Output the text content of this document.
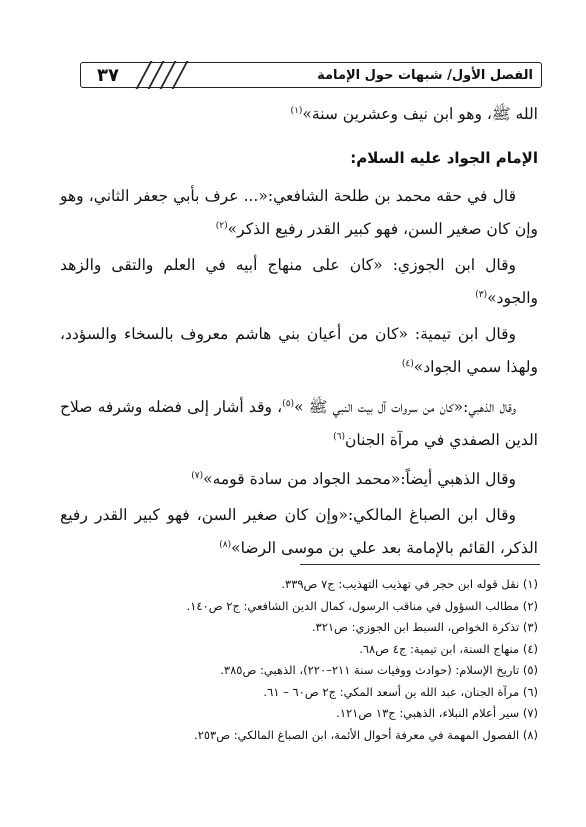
٣٧	الفصل الأول/ شبهات حول الإمامة

الله ﷺ، وهو ابن نيف وعشرين سنة»$^{(١)}$

الإمام الجواد عليه السلام:

قال في حقه محمد بن طلحة الشافعي:«... عرف بأبي جعفر الثاني، وهو وإن كان صغير السن، فهو كبير القدر رفيع الذكر»$^{(٢)}$

وقال ابن الجوزي: «كان على منهاج أبيه في العلم والتقى والزهد والجود»$^{(٣)}$

وقال ابن تيمية: «كان من أعيان بني هاشم معروف بالسخاء والسؤدد، ولهذا سمي الجواد»$^{(٤)}$

وقال الذهبي:«كان من سروات آل بيت النبي ﷺ »$^{(٥)}$، وقد أشار إلى فضله وشرفه صلاح الدين الصفدي في مرآة الجنان$^{(٦)}$

وقال الذهبي أيضاً:«محمد الجواد من سادة قومه»$^{(٧)}$

وقال ابن الصباغ المالكي:«وإن كان صغير السن، فهو كبير القدر رفيع الذكر، القائم بالإمامة بعد علي بن موسى الرضا»$^{(٨)}$

(١) نقل قوله ابن حجر في تهذيب التهذيب: ج٧ ص٣٣٩.
(٢) مطالب السؤول في مناقب الرسول، كمال الدين الشافعي: ج٢ ص١٤٠.
(٣) تذكرة الخواص، السبط ابن الجوزي: ص٣٢١.
(٤) منهاج السنة، ابن تيمية: ج٤ ص٦٨.
(٥) تاريخ الإسلام: (حوادث ووفيات سنة ٢١١–٢٢٠)، الذهبي: ص٣٨٥.
(٦) مرآة الجنان، عبد الله بن أسعد المكي: ج٢ ص٦٠ – ٦١.
(٧) سير أعلام النبلاء، الذهبي: ج١٣ ص١٢١.
(٨) الفصول المهمة في معرفة أحوال الأئمة، ابن الصباغ المالكي: ص٢٥٣.
